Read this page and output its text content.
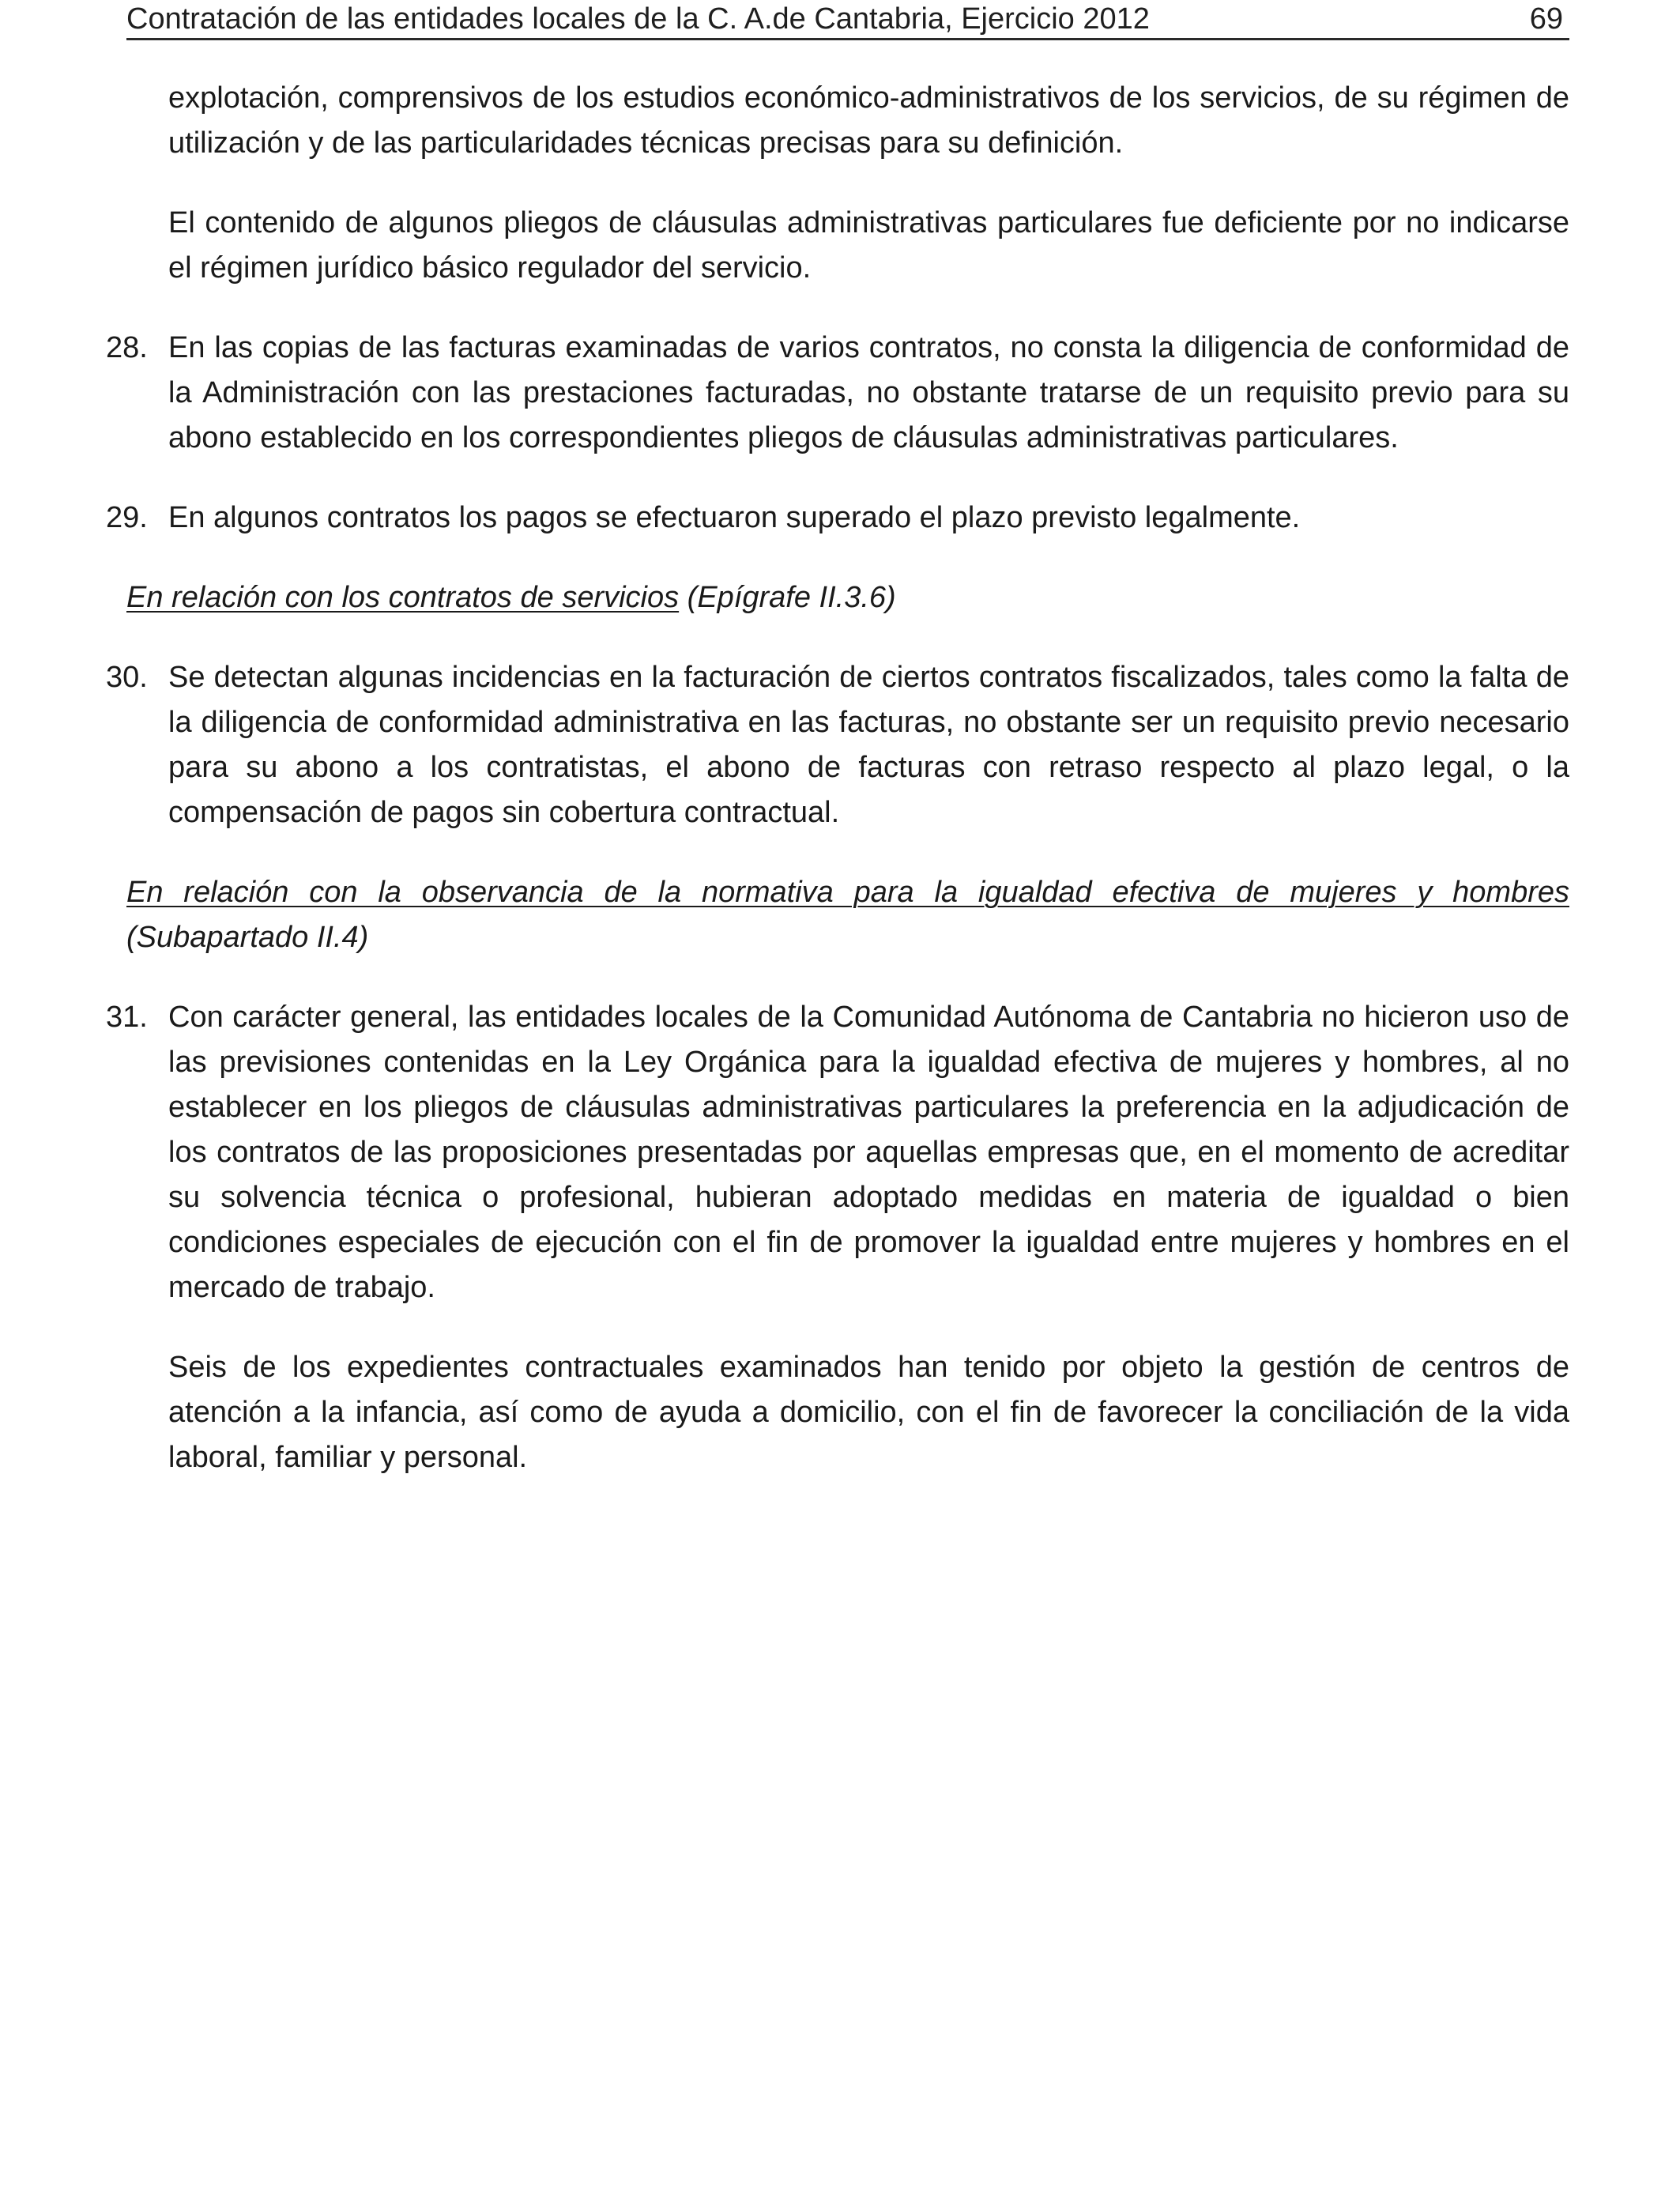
Contratación de las entidades locales de la C. A.de Cantabria, Ejercicio 2012	69

explotación, comprensivos de los estudios económico-administrativos de los servicios, de su régimen de utilización y de las particularidades técnicas precisas para su definición.

El contenido de algunos pliegos de cláusulas administrativas particulares fue deficiente por no indicarse el régimen jurídico básico regulador del servicio.

28. En las copias de las facturas examinadas de varios contratos, no consta la diligencia de conformidad de la Administración con las prestaciones facturadas, no obstante tratarse de un requisito previo para su abono establecido en los correspondientes pliegos de cláusulas administrativas particulares.
29. En algunos contratos los pagos se efectuaron superado el plazo previsto legalmente.

En relación con los contratos de servicios (Epígrafe II.3.6)

30. Se detectan algunas incidencias en la facturación de ciertos contratos fiscalizados, tales como la falta de la diligencia de conformidad administrativa en las facturas, no obstante ser un requisito previo necesario para su abono a los contratistas, el abono de facturas con retraso respecto al plazo legal, o la compensación de pagos sin cobertura contractual.

En relación con la observancia de la normativa para la igualdad efectiva de mujeres y hombres (Subapartado II.4)

31. Con carácter general, las entidades locales de la Comunidad Autónoma de Cantabria no hicieron uso de las previsiones contenidas en la Ley Orgánica para la igualdad efectiva de mujeres y hombres, al no establecer en los pliegos de cláusulas administrativas particulares la preferencia en la adjudicación de los contratos de las proposiciones presentadas por aquellas empresas que, en el momento de acreditar su solvencia técnica o profesional, hubieran adoptado medidas en materia de igualdad o bien condiciones especiales de ejecución con el fin de promover la igualdad entre mujeres y hombres en el mercado de trabajo.

Seis de los expedientes contractuales examinados han tenido por objeto la gestión de centros de atención a la infancia, así como de ayuda a domicilio, con el fin de favorecer la conciliación de la vida laboral, familiar y personal.
